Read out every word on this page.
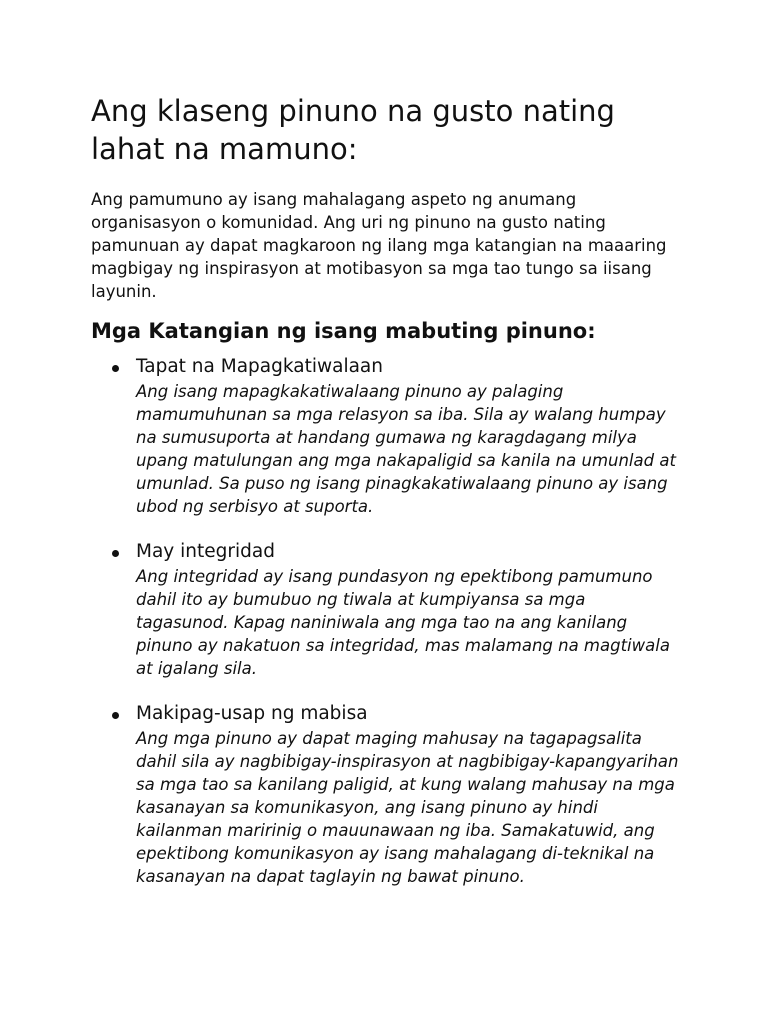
Ang klaseng pinuno na gusto nating lahat na mamuno:

Ang pamumuno ay isang mahalagang aspeto ng anumang organisasyon o komunidad. Ang uri ng pinuno na gusto nating pamunuan ay dapat magkaroon ng ilang mga katangian na maaaring magbigay ng inspirasyon at motibasyon sa mga tao tungo sa iisang layunin.

Mga Katangian ng isang mabuting pinuno:
Tapat na Mapagkatiwalaan
Ang isang mapagkakatiwalaang pinuno ay palaging mamumuhunan sa mga relasyon sa iba. Sila ay walang humpay na sumusuporta at handang gumawa ng karagdagang milya upang matulungan ang mga nakapaligid sa kanila na umunlad at umunlad. Sa puso ng isang pinagkakatiwalaang pinuno ay isang ubod ng serbisyo at suporta.
May integridad
Ang integridad ay isang pundasyon ng epektibong pamumuno dahil ito ay bumubuo ng tiwala at kumpiyansa sa mga tagasunod. Kapag naniniwala ang mga tao na ang kanilang pinuno ay nakatuon sa integridad, mas malamang na magtiwala at igalang sila.
Makipag-usap ng mabisa
Ang mga pinuno ay dapat maging mahusay na tagapagsalita dahil sila ay nagbibigay-inspirasyon at nagbibigay-kapangyarihan sa mga tao sa kanilang paligid, at kung walang mahusay na mga kasanayan sa komunikasyon, ang isang pinuno ay hindi kailanman maririnig o mauunawaan ng iba. Samakatuwid, ang epektibong komunikasyon ay isang mahalagang di-teknikal na kasanayan na dapat taglayin ng bawat pinuno.
